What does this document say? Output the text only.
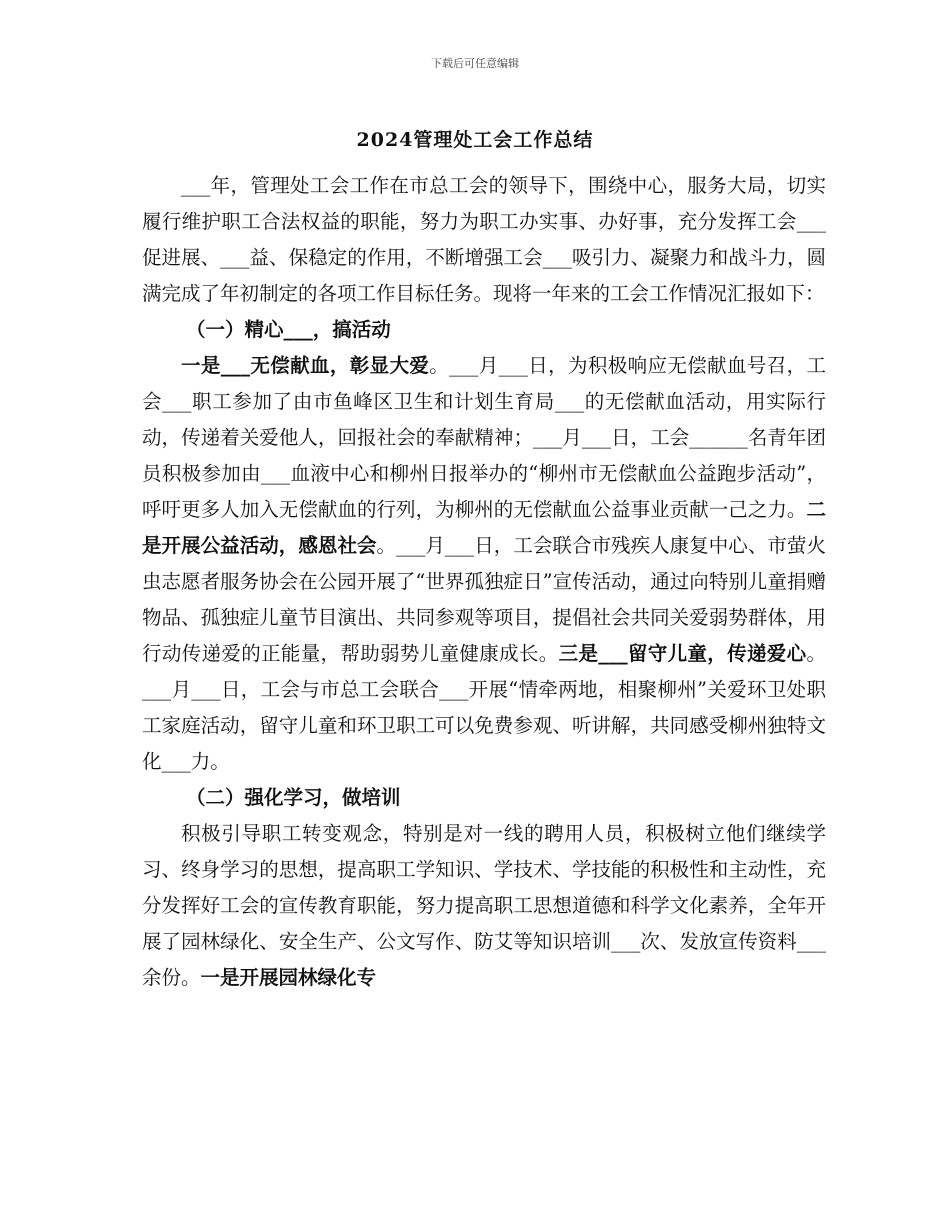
下载后可任意编辑
2024管理处工会工作总结

___年，管理处工会工作在市总工会的领导下，围绕中心，服务大局，切实履行维护职工合法权益的职能，努力为职工办实事、办好事，充分发挥工会___促进展、___益、保稳定的作用，不断增强工会___吸引力、凝聚力和战斗力，圆满完成了年初制定的各项工作目标任务。现将一年来的工会工作情况汇报如下：

（一）精心___，搞活动

一是___无偿献血，彰显大爱。___月___日，为积极响应无偿献血号召，工会___职工参加了由市鱼峰区卫生和计划生育局___的无偿献血活动，用实际行动，传递着关爱他人，回报社会的奉献精神；___月___日，工会______名青年团员积极参加由___血液中心和柳州日报举办的“柳州市无偿献血公益跑步活动”，呼吁更多人加入无偿献血的行列，为柳州的无偿献血公益事业贡献一己之力。二是开展公益活动，感恩社会。___月___日，工会联合市残疾人康复中心、市萤火虫志愿者服务协会在公园开展了“世界孤独症日”宣传活动，通过向特别儿童捐赠物品、孤独症儿童节目演出、共同参观等项目，提倡社会共同关爱弱势群体，用行动传递爱的正能量，帮助弱势儿童健康成长。三是___留守儿童，传递爱心。___月___日，工会与市总工会联合___开展“情牵两地，相聚柳州”关爱环卫处职工家庭活动，留守儿童和环卫职工可以免费参观、听讲解，共同感受柳州独特文化___力。

（二）强化学习，做培训

积极引导职工转变观念，特别是对一线的聘用人员，积极树立他们继续学习、终身学习的思想，提高职工学知识、学技术、学技能的积极性和主动性，充分发挥好工会的宣传教育职能，努力提高职工思想道德和科学文化素养，全年开展了园林绿化、安全生产、公文写作、防艾等知识培训___次、发放宣传资料___余份。一是开展园林绿化专
